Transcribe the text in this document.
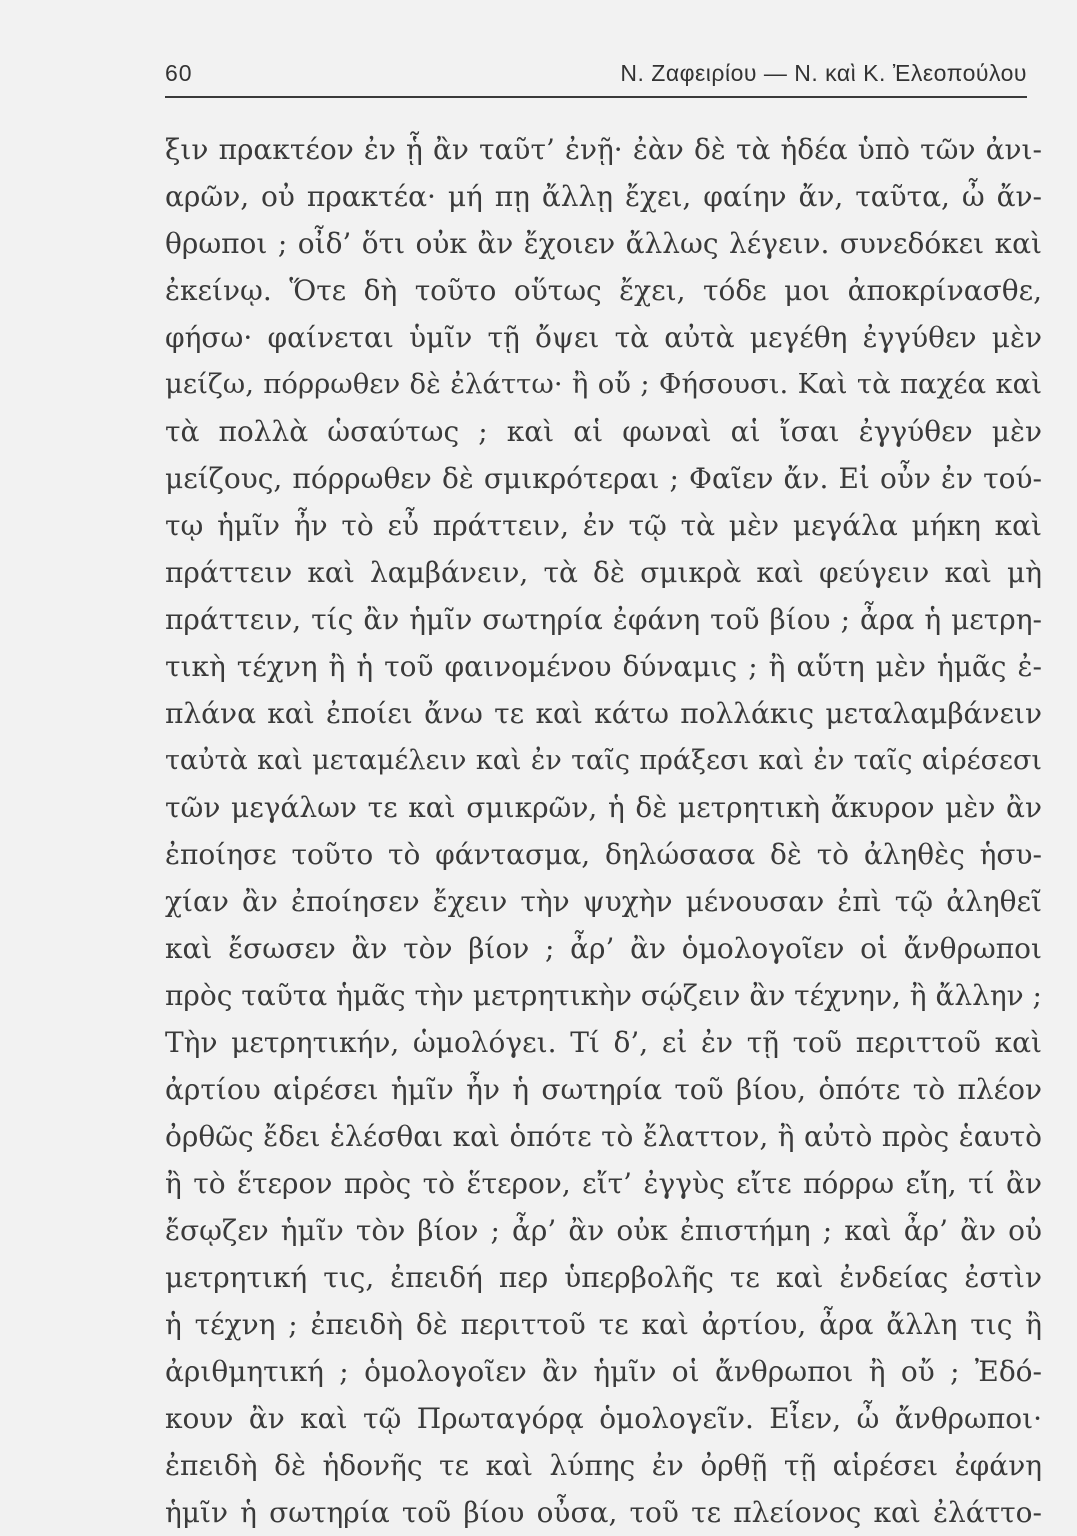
60	Ν. Ζαφειρίου — Ν. καὶ Κ. Ἐλεοπούλου
ξιν πρακτέον ἐν ᾗ ἂν ταῦτ’ ἐνῇ· ἐὰν δὲ τὰ ἡδέα ὑπὸ τῶν ἀνι-
αρῶν, οὐ πρακτέα· μή πῃ ἄλλῃ ἔχει, φαίην ἄν, ταῦτα, ὦ ἄν-
θρωποι ; οἶδ’ ὅτι οὐκ ἂν ἔχοιεν ἄλλως λέγειν. συνεδόκει καὶ
ἐκείνῳ. Ὅτε δὴ τοῦτο οὕτως ἔχει, τόδε μοι ἀποκρίνασθε,
φήσω· φαίνεται ὑμῖν τῇ ὄψει τὰ αὐτὰ μεγέθη ἐγγύθεν μὲν
μείζω, πόρρωθεν δὲ ἐλάττω· ἢ οὔ ; Φήσουσι. Καὶ τὰ παχέα καὶ
τὰ πολλὰ ὡσαύτως ; καὶ αἱ φωναὶ αἱ ἴσαι ἐγγύθεν μὲν
μείζους, πόρρωθεν δὲ σμικρότεραι ; Φαῖεν ἄν. Εἰ οὖν ἐν τού-
τῳ ἡμῖν ἦν τὸ εὖ πράττειν, ἐν τῷ τὰ μὲν μεγάλα μήκη καὶ
πράττειν καὶ λαμβάνειν, τὰ δὲ σμικρὰ καὶ φεύγειν καὶ μὴ
πράττειν, τίς ἂν ἡμῖν σωτηρία ἐφάνη τοῦ βίου ; ἆρα ἡ μετρη-
τικὴ τέχνη ἢ ἡ τοῦ φαινομένου δύναμις ; ἢ αὕτη μὲν ἡμᾶς ἐ-
πλάνα καὶ ἐποίει ἄνω τε καὶ κάτω πολλάκις μεταλαμβάνειν
ταὐτὰ καὶ μεταμέλειν καὶ ἐν ταῖς πράξεσι καὶ ἐν ταῖς αἱρέσεσι
τῶν μεγάλων τε καὶ σμικρῶν, ἡ δὲ μετρητικὴ ἄκυρον μὲν ἂν
ἐποίησε τοῦτο τὸ φάντασμα, δηλώσασα δὲ τὸ ἀληθὲς ἡσυ-
χίαν ἂν ἐποίησεν ἔχειν τὴν ψυχὴν μένουσαν ἐπὶ τῷ ἀληθεῖ
καὶ ἔσωσεν ἂν τὸν βίον ; ἆρ’ ἂν ὁμολογοῖεν οἱ ἄνθρωποι
πρὸς ταῦτα ἡμᾶς τὴν μετρητικὴν σῴζειν ἂν τέχνην, ἢ ἄλλην ;
Τὴν μετρητικήν, ὡμολόγει. Τί δ’, εἰ ἐν τῇ τοῦ περιττοῦ καὶ
ἀρτίου αἱρέσει ἡμῖν ἦν ἡ σωτηρία τοῦ βίου, ὁπότε τὸ πλέον
ὀρθῶς ἔδει ἑλέσθαι καὶ ὁπότε τὸ ἔλαττον, ἢ αὐτὸ πρὸς ἑαυτὸ
ἢ τὸ ἕτερον πρὸς τὸ ἕτερον, εἴτ’ ἐγγὺς εἴτε πόρρω εἴη, τί ἂν
ἔσῳζεν ἡμῖν τὸν βίον ; ἆρ’ ἂν οὐκ ἐπιστήμη ; καὶ ἆρ’ ἂν οὐ
μετρητική τις, ἐπειδή περ ὑπερβολῆς τε καὶ ἐνδείας ἐστὶν
ἡ τέχνη ; ἐπειδὴ δὲ περιττοῦ τε καὶ ἀρτίου, ἆρα ἄλλη τις ἢ
ἀριθμητική ; ὁμολογοῖεν ἂν ἡμῖν οἱ ἄνθρωποι ἢ οὔ ; Ἐδό-
κουν ἂν καὶ τῷ Πρωταγόρᾳ ὁμολογεῖν. Εἶεν, ὦ ἄνθρωποι·
ἐπειδὴ δὲ ἡδονῆς τε καὶ λύπης ἐν ὀρθῇ τῇ αἱρέσει ἐφάνη
ἡμῖν ἡ σωτηρία τοῦ βίου οὖσα, τοῦ τε πλείονος καὶ ἐλάττο-
